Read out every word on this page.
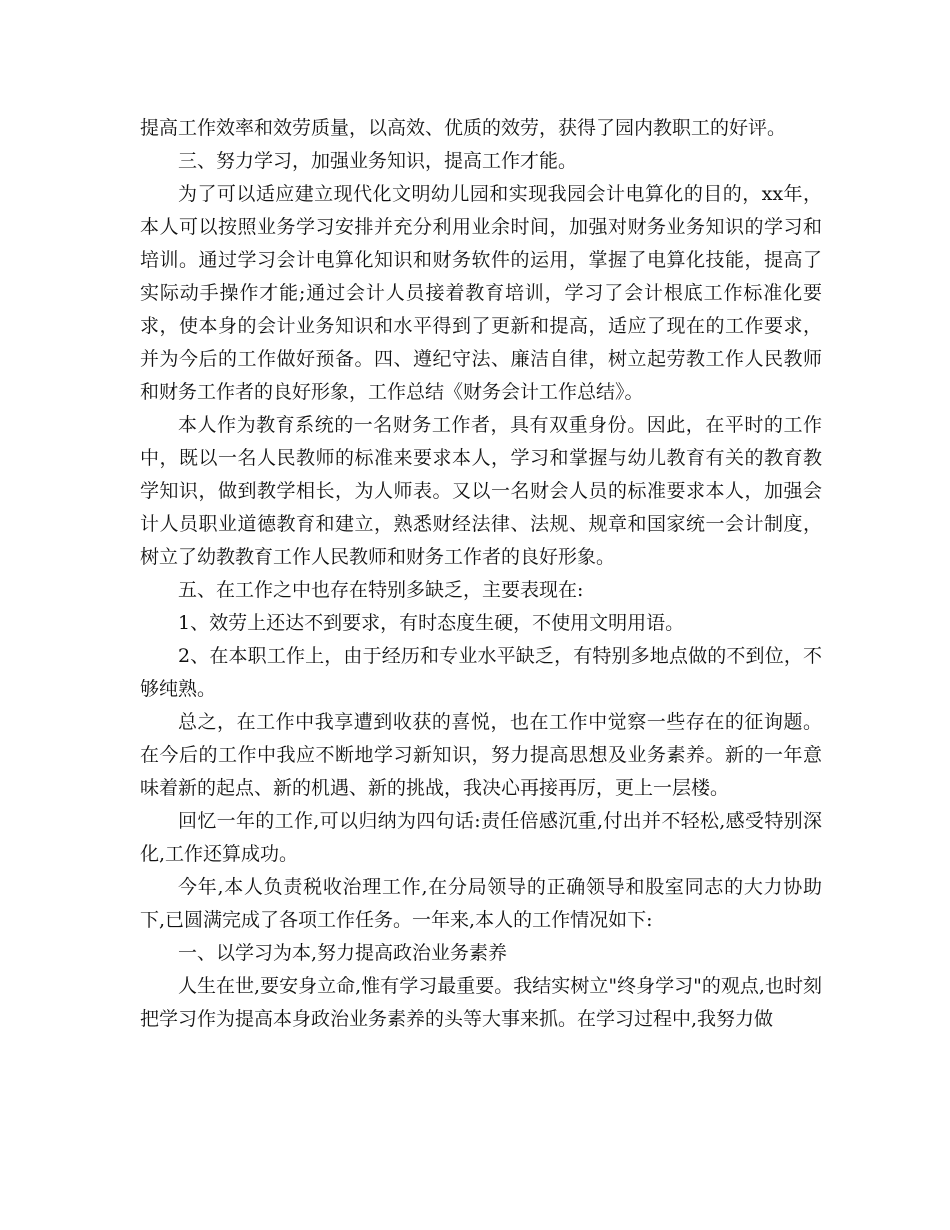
提高工作效率和效劳质量，以高效、优质的效劳，获得了园内教职工的好评。

三、努力学习，加强业务知识，提高工作才能。

为了可以适应建立现代化文明幼儿园和实现我园会计电算化的目的，xx年，本人可以按照业务学习安排并充分利用业余时间，加强对财务业务知识的学习和培训。通过学习会计电算化知识和财务软件的运用，掌握了电算化技能，提高了实际动手操作才能;通过会计人员接着教育培训，学习了会计根底工作标准化要求，使本身的会计业务知识和水平得到了更新和提高，适应了现在的工作要求，并为今后的工作做好预备。四、遵纪守法、廉洁自律，树立起劳教工作人民教师和财务工作者的良好形象，工作总结《财务会计工作总结》。

本人作为教育系统的一名财务工作者，具有双重身份。因此，在平时的工作中，既以一名人民教师的标准来要求本人，学习和掌握与幼儿教育有关的教育教学知识，做到教学相长，为人师表。又以一名财会人员的标准要求本人，加强会计人员职业道德教育和建立，熟悉财经法律、法规、规章和国家统一会计制度，树立了幼教教育工作人民教师和财务工作者的良好形象。

五、在工作之中也存在特别多缺乏，主要表现在:

1、效劳上还达不到要求，有时态度生硬，不使用文明用语。

2、在本职工作上，由于经历和专业水平缺乏，有特别多地点做的不到位，不够纯熟。

总之，在工作中我享遭到收获的喜悦，也在工作中觉察一些存在的征询题。在今后的工作中我应不断地学习新知识，努力提高思想及业务素养。新的一年意味着新的起点、新的机遇、新的挑战，我决心再接再厉，更上一层楼。

回忆一年的工作,可以归纳为四句话:责任倍感沉重,付出并不轻松,感受特别深化,工作还算成功。

今年,本人负责税收治理工作,在分局领导的正确领导和股室同志的大力协助下,已圆满完成了各项工作任务。一年来,本人的工作情况如下:

一、以学习为本,努力提高政治业务素养

人生在世,要安身立命,惟有学习最重要。我结实树立"终身学习"的观点,也时刻把学习作为提高本身政治业务素养的头等大事来抓。在学习过程中,我努力做
